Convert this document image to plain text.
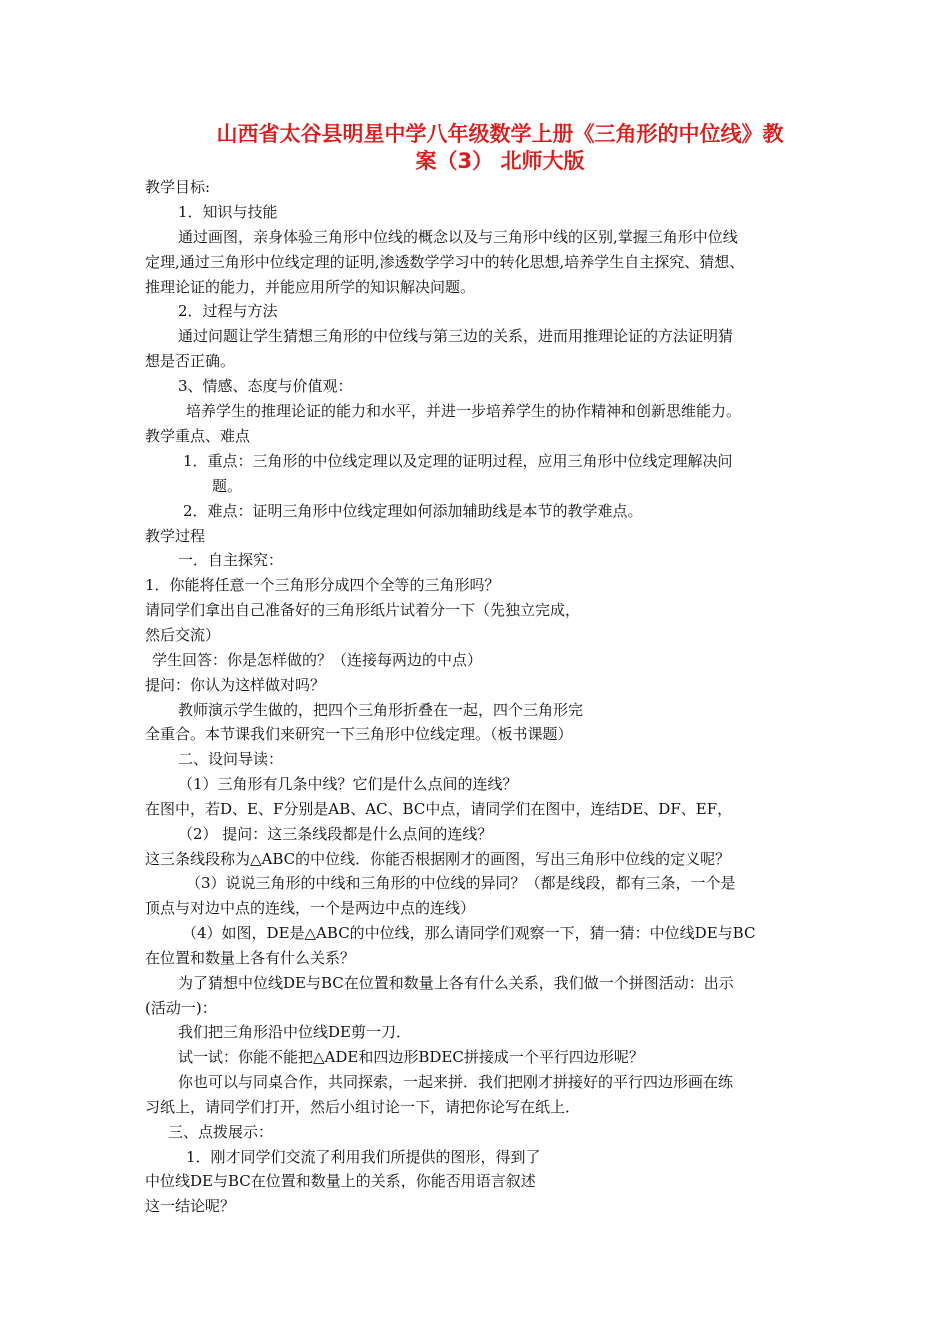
山西省太谷县明星中学八年级数学上册《三角形的中位线》教
案（3） 北师大版
教学目标:
1．知识与技能
通过画图，亲身体验三角形中位线的概念以及与三角形中线的区别,掌握三角形中位线
定理,通过三角形中位线定理的证明,渗透数学学习中的转化思想,培养学生自主探究、猜想、
推理论证的能力，并能应用所学的知识解决问题。
2．过程与方法
通过问题让学生猜想三角形的中位线与第三边的关系，进而用推理论证的方法证明猜
想是否正确。
3、情感、态度与价值观：
培养学生的推理论证的能力和水平，并进一步培养学生的协作精神和创新思维能力。
教学重点、难点
1．重点：三角形的中位线定理以及定理的证明过程，应用三角形中位线定理解决问
题。
2．难点：证明三角形中位线定理如何添加辅助线是本节的教学难点。
教学过程
一．自主探究：
1．你能将任意一个三角形分成四个全等的三角形吗？
请同学们拿出自己准备好的三角形纸片试着分一下（先独立完成，
然后交流）
学生回答：你是怎样做的？（连接每两边的中点）
提问：你认为这样做对吗？
教师演示学生做的，把四个三角形折叠在一起，四个三角形完
全重合。本节课我们来研究一下三角形中位线定理。（板书课题）
二、设问导读：
（1）三角形有几条中线？它们是什么点间的连线？
在图中，若D、E、F分别是AB、AC、BC中点，请同学们在图中，连结DE、DF、EF，
（2） 提问：这三条线段都是什么点间的连线？
这三条线段称为△ABC的中位线．你能否根据刚才的画图，写出三角形中位线的定义呢？
（3）说说三角形的中线和三角形的中位线的异同？（都是线段，都有三条，一个是
顶点与对边中点的连线，一个是两边中点的连线）
（4）如图，DE是△ABC的中位线，那么请同学们观察一下，猜一猜：中位线DE与BC
在位置和数量上各有什么关系？
为了猜想中位线DE与BC在位置和数量上各有什么关系，我们做一个拼图活动：出示
(活动一)：
我们把三角形沿中位线DE剪一刀．
试一试：你能不能把△ADE和四边形BDEC拼接成一个平行四边形呢？
你也可以与同桌合作，共同探索，一起来拼．我们把刚才拼接好的平行四边形画在练
习纸上，请同学们打开，然后小组讨论一下，请把你论写在纸上．
三、点拨展示：
1．刚才同学们交流了利用我们所提供的图形，得到了
中位线DE与BC在位置和数量上的关系，你能否用语言叙述
这一结论呢？
